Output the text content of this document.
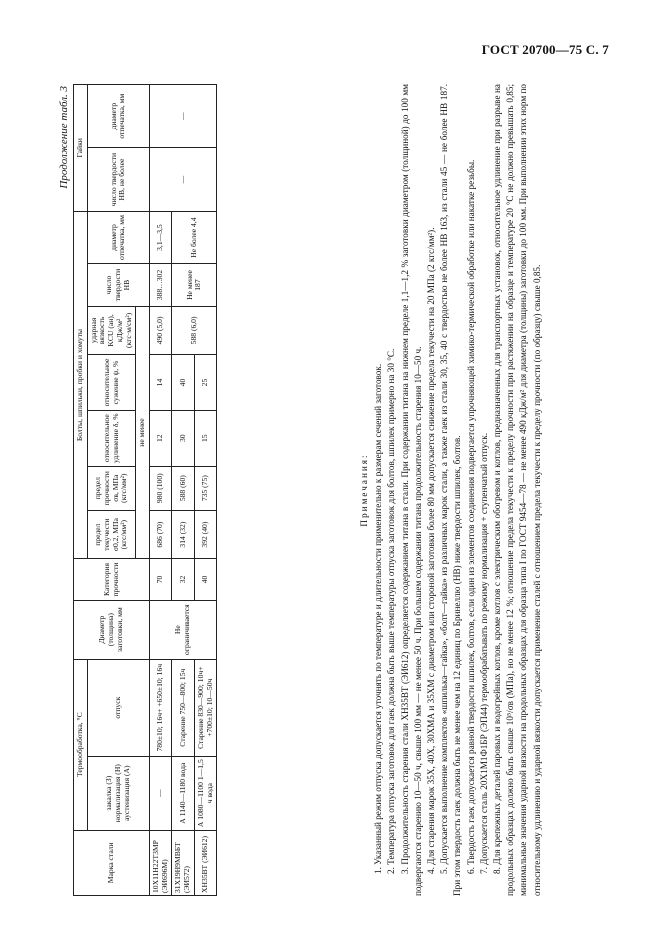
ГОСТ 20700—75 С. 7
Продолжение табл. 3
Марка стали	Термообработка, °С		Диаметр (толщина) заготовки, мм	Категория прочности	Болты, шпильки, пробки и хомуты							Гайки	
	закалка (З) нормализация (Н) аустенизация (А)	отпуск			предел текучести σ0,2, МПа (кгс/мм²)	предел прочности σв, МПа (кгс/мм²)	относительное удлинение δ, %	относительное сужение ψ, %	ударная вязкость KCU (aн), кДж/м² (кгс·м/см²)	число твердости НВ	диаметр отпечатка, мм	число твердости НВ, не более	диаметр отпечатка, мм
					не менее								
10Х11Н22Т3МР (ЭИ696М)	—	780±10; 16ч+ +650±10; 16ч	Не ограничивается	70	686 (70)	980 (100)	12	14	490 (5,0)	388…302	3,1—3,5	—	—
31Х19Н9МВБТ (ЭИ572)	А 1140—1180 вода	Старение 750—800; 15ч		32	314 (32)	588 (60)	30	40	588 (6,0)	Не менее 187	Не более 4,4		
ХН35ВТ (ЭИ612)	А 1080—1100 1—1,5 ч вода	Старение 830—900; 10ч+ +700±10; 10—50ч		40	392 (40)	735 (75)	15	25					
Примечания: 1. Указанный режим отпуска допускается уточнять по температуре и длительности применительно к размерам сечений заготовок. 2. Температура отпуска заготовок для гаек должна быть выше температуры отпуска заготовок для болтов, шпилек примерно на 30 °С. 3. Продолжительность старения стали ХН35ВТ (ЭИ612) определяется содержанием титана в стали. При содержании титана на нижнем пределе 1,1—1,2 % заготовки диаметром (толщиной) до 100 мм подвергаются старению 10—50 ч, свыше 100 мм — не менее 50 ч. При большем содержании титана продолжительность старения 10—50 ч. 4. Для старения марок 35Х, 40Х, 30ХМА и 35ХМ с диаметром или стороной заготовки более 80 мм допускается снижение предела текучести на 20 МПа (2 кгс/мм²). 5. Допускается выполнение комплектов «шпилька—гайка», «болт—гайка» из различных марок стали, а также гаек из стали 30, 35, 40 с твердостью не более НВ 163, из стали 45 — не более НВ 187. При этом твердость гаек должна быть не менее чем на 12 единиц по Бринеллю (НВ) ниже твердости шпилек, болтов. 6. Твердость гаек допускается равной твердости шпилек, болтов, если один из элементов соединения подвергается упрочняющей химико-термической обработке или накатке резьбы. 7. Допускается сталь 20Х1М1Ф1БР (ЭП44) термообрабатывать по режиму нормализация + ступенчатый отпуск. 8. Для крепежных деталей паровых и водогрейных котлов, кроме котлов с электрическим обогревом и котлов, предназначенных для транспортных установок, относительное удлинение при разрыве на продольных образцах должно быть свыше 10⁵/σв (МПа), но не менее 12 %; отношение предела текучести к пределу прочности при растяжении на образце и температуре 20 °С не должно превышать 0,85; минимальные значения ударной вязкости на продольных образцах для образца типа I по ГОСТ 9454—78 — не менее 490 кДж/м² для диаметра (толщины) заготовки до 100 мм. При выполнении этих норм по относительному удлинению и ударной вязкости допускается применение сталей с отношением предела текучести к пределу прочности (по образцу) свыше 0,85.
